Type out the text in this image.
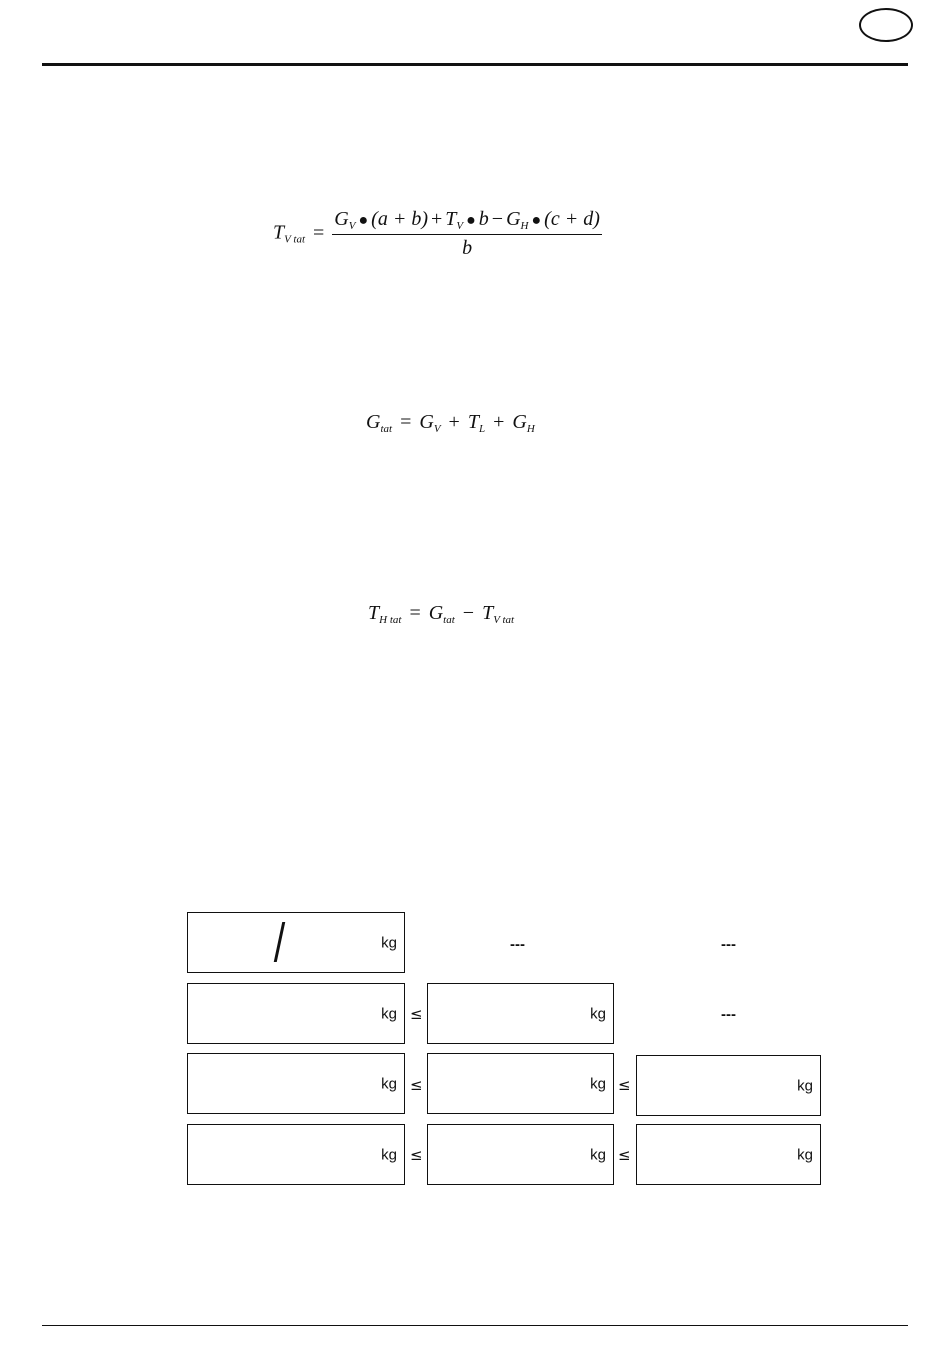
$T_{V tat} = \frac{G_V ● (a + b) + T_V ● b - G_H ● (c + d)}{b}$
$G_{tat} = G_V + T_L + G_H$
$T_{H tat} = G_{tat} - T_{V tat}$
kg	---	---
kg ≤	kg	---
kg ≤	kg ≤	kg
kg ≤	kg ≤	kg
